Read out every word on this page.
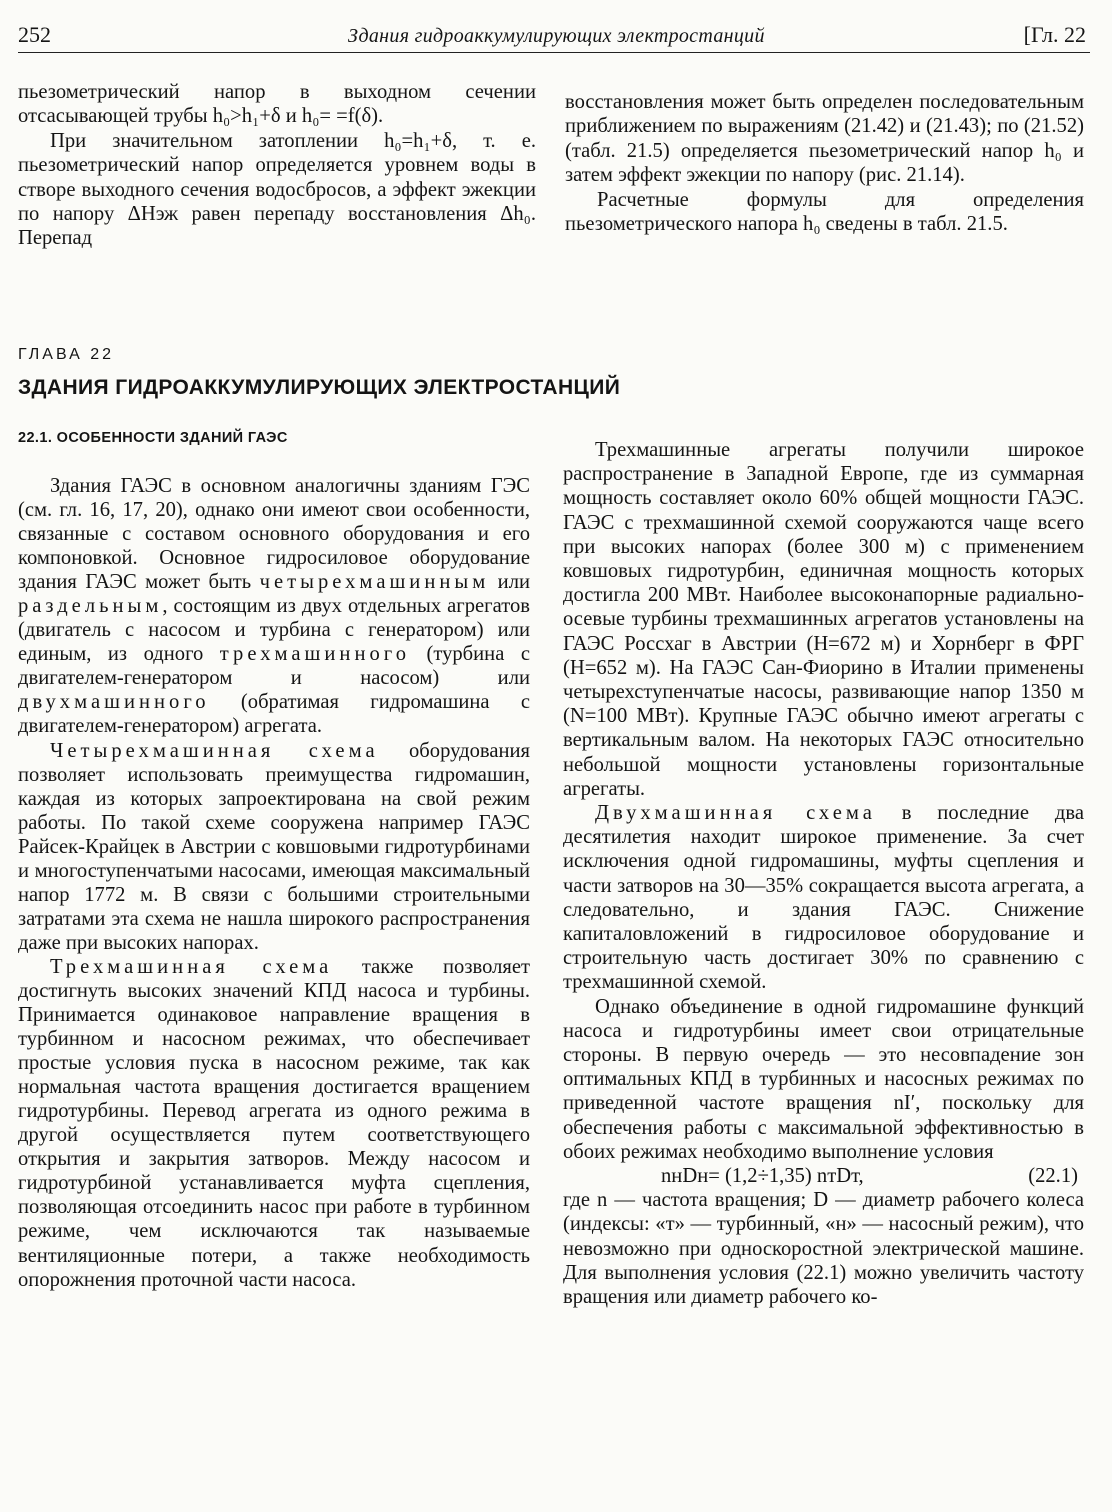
252	Здания гидроаккумулирующих электростанций	[Гл. 22

пьезометрический напор в выходном сечении отсасывающей трубы h₀>h₁+δ и h₀= =f(δ).

При значительном затоплении h₀=h₁+δ, т. е. пьезометрический напор определяется уровнем воды в створе выходного сечения водосбросов, а эффект эжекции по напору ΔHэж равен перепаду восстановления Δh₀. Перепад

восстановления может быть определен последовательным приближением по выражениям (21.42) и (21.43); по (21.52) (табл. 21.5) определяется пьезометрический напор h₀ и затем эффект эжекции по напору (рис. 21.14).

Расчетные формулы для определения пьезометрического напора h₀ сведены в табл. 21.5.

ГЛАВА 22
ЗДАНИЯ ГИДРОАККУМУЛИРУЮЩИХ ЭЛЕКТРОСТАНЦИЙ
22.1. ОСОБЕННОСТИ ЗДАНИЙ ГАЭС

Здания ГАЭС в основном аналогичны зданиям ГЭС (см. гл. 16, 17, 20), однако они имеют свои особенности, связанные с составом основного оборудования и его компоновкой. Основное гидросиловое оборудование здания ГАЭС может быть четырехмашинным или раздельным, состоящим из двух отдельных агрегатов (двигатель с насосом и турбина с генератором) или единым, из одного трехмашинного (турбина с двигателем-генератором и насосом) или двухмашинного (обратимая гидромашина с двигателем-генератором) агрегата.

Четырехмашинная схема оборудования позволяет использовать преимущества гидромашин, каждая из которых запроектирована на свой режим работы. По такой схеме сооружена например ГАЭС Райсек-Крайцек в Австрии с ковшовыми гидротурбинами и многоступенчатыми насосами, имеющая максимальный напор 1772 м. В связи с большими строительными затратами эта схема не нашла широкого распространения даже при высоких напорах.

Трехмашинная схема также позволяет достигнуть высоких значений КПД насоса и турбины. Принимается одинаковое направление вращения в турбинном и насосном режимах, что обеспечивает простые условия пуска в насосном режиме, так как нормальная частота вращения достигается вращением гидротурбины. Перевод агрегата из одного режима в другой осуществляется путем соответствующего открытия и закрытия затворов. Между насосом и гидротурбиной устанавливается муфта сцепления, позволяющая отсоединить насос при работе в турбинном режиме, чем исключаются так называемые вентиляционные потери, а также необходимость опорожнения проточной части насоса.

Трехмашинные агрегаты получили широкое распространение в Западной Европе, где из суммарная мощность составляет около 60% общей мощности ГАЭС. ГАЭС с трехмашинной схемой сооружаются чаще всего при высоких напорах (более 300 м) с применением ковшовых гидротурбин, единичная мощность которых достигла 200 МВт. Наиболее высоконапорные радиально-осевые турбины трехмашинных агрегатов установлены на ГАЭС Россхаг в Австрии (H=672 м) и Хорнберг в ФРГ (H=652 м). На ГАЭС Сан-Фиорино в Италии применены четырехступенчатые насосы, развивающие напор 1350 м (N=100 МВт). Крупные ГАЭС обычно имеют агрегаты с вертикальным валом. На некоторых ГАЭС относительно небольшой мощности установлены горизонтальные агрегаты.

Двухмашинная схема в последние два десятилетия находит широкое применение. За счет исключения одной гидромашины, муфты сцепления и части затворов на 30—35% сокращается высота агрегата, а следовательно, и здания ГАЭС. Снижение капиталовложений в гидросиловое оборудование и строительную часть достигает 30% по сравнению с трехмашинной схемой.

Однако объединение в одной гидромашине функций насоса и гидротурбины имеет свои отрицательные стороны. В первую очередь — это несовпадение зон оптимальных КПД в турбинных и насосных режимах по приведенной частоте вращения nI′, поскольку для обеспечения работы с максимальной эффективностью в обоих режимах необходимо выполнение условия

nнDн= (1,2÷1,35) nтDт,	(22.1)

где n — частота вращения; D — диаметр рабочего колеса (индексы: «т» — турбинный, «н» — насосный режим), что невозможно при односкоростной электрической машине. Для выполнения условия (22.1) можно увеличить частоту вращения или диаметр рабочего ко-
